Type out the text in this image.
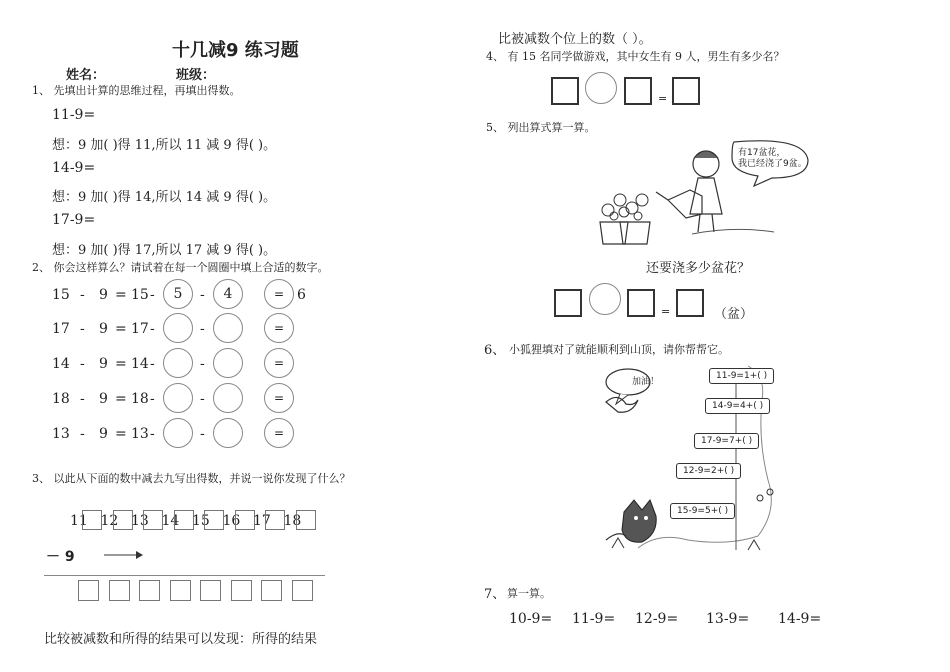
十几减9 练习题
姓名：	班级：
1、 先填出计算的思维过程，再填出得数。
11-9=
想：9 加( )得 11,所以 11 减 9 得( )。
14-9=
想：9 加( )得 14,所以 14 减 9 得( )。
17-9=
想：9 加( )得 17,所以 17 减 9 得( )。
2、 你会这样算么？请试着在每一个圆圈中填上合适的数字。
15 - 9 = 15 -	5	-	4	= 6
17 - 9 = 17 -	-	=
14 - 9 = 14 -	-	=
18 - 9 = 18 -	-	=
13 - 9 = 13 -	-	=
3、 以此从下面的数中减去九写出得数，并说一说你发现了什么？
11 12 13 14 15 16 17 18
－ 9
比较被减数和所得的结果可以发现：所得的结果
比被减数个位上的数（ ）。
4、 有 15 名同学做游戏，其中女生有 9 人，男生有多少名？
=
5、 列出算式算一算。
有17盆花，
我已经浇了9盆。
还要浇多少盆花？
=	（盆）
6、 小狐狸填对了就能顺利到山顶，请你帮帮它。
加油！
11-9=1+( )
14-9=4+( )
17-9=7+( )
12-9=2+( )
15-9=5+( )
7、 算一算。
10-9= 11-9= 12-9= 13-9= 14-9=
